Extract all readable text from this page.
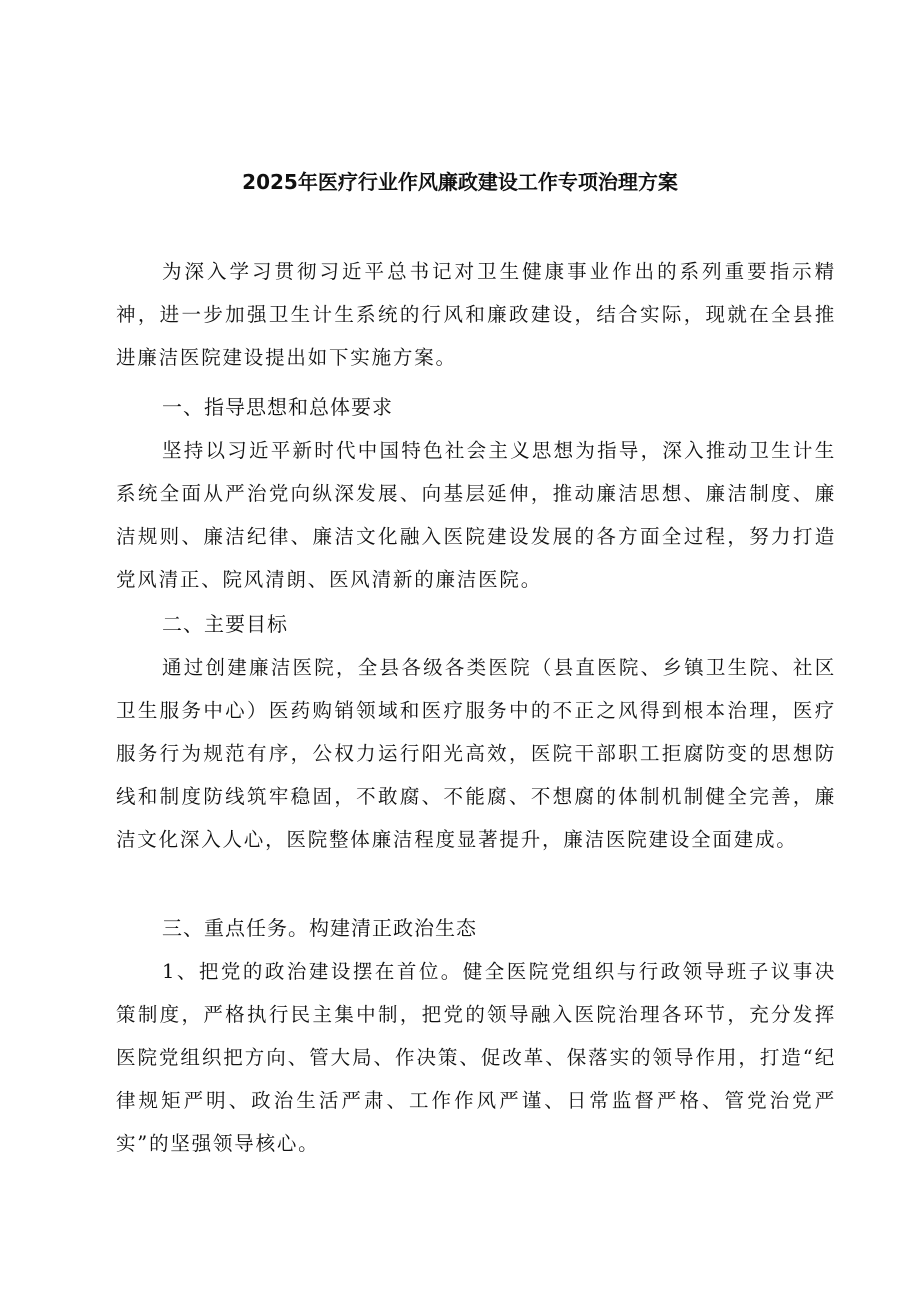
2025年医疗行业作风廉政建设工作专项治理方案

为深入学习贯彻习近平总书记对卫生健康事业作出的系列重要指示精神，进一步加强卫生计生系统的行风和廉政建设，结合实际，现就在全县推进廉洁医院建设提出如下实施方案。

一、指导思想和总体要求

坚持以习近平新时代中国特色社会主义思想为指导，深入推动卫生计生系统全面从严治党向纵深发展、向基层延伸，推动廉洁思想、廉洁制度、廉洁规则、廉洁纪律、廉洁文化融入医院建设发展的各方面全过程，努力打造党风清正、院风清朗、医风清新的廉洁医院。

二、主要目标

通过创建廉洁医院，全县各级各类医院（县直医院、乡镇卫生院、社区卫生服务中心）医药购销领域和医疗服务中的不正之风得到根本治理，医疗服务行为规范有序，公权力运行阳光高效，医院干部职工拒腐防变的思想防线和制度防线筑牢稳固，不敢腐、不能腐、不想腐的体制机制健全完善，廉洁文化深入人心，医院整体廉洁程度显著提升，廉洁医院建设全面建成。

三、重点任务。构建清正政治生态

1、把党的政治建设摆在首位。健全医院党组织与行政领导班子议事决策制度，严格执行民主集中制，把党的领导融入医院治理各环节，充分发挥医院党组织把方向、管大局、作决策、促改革、保落实的领导作用，打造“纪律规矩严明、政治生活严肃、工作作风严谨、日常监督严格、管党治党严实”的坚强领导核心。
